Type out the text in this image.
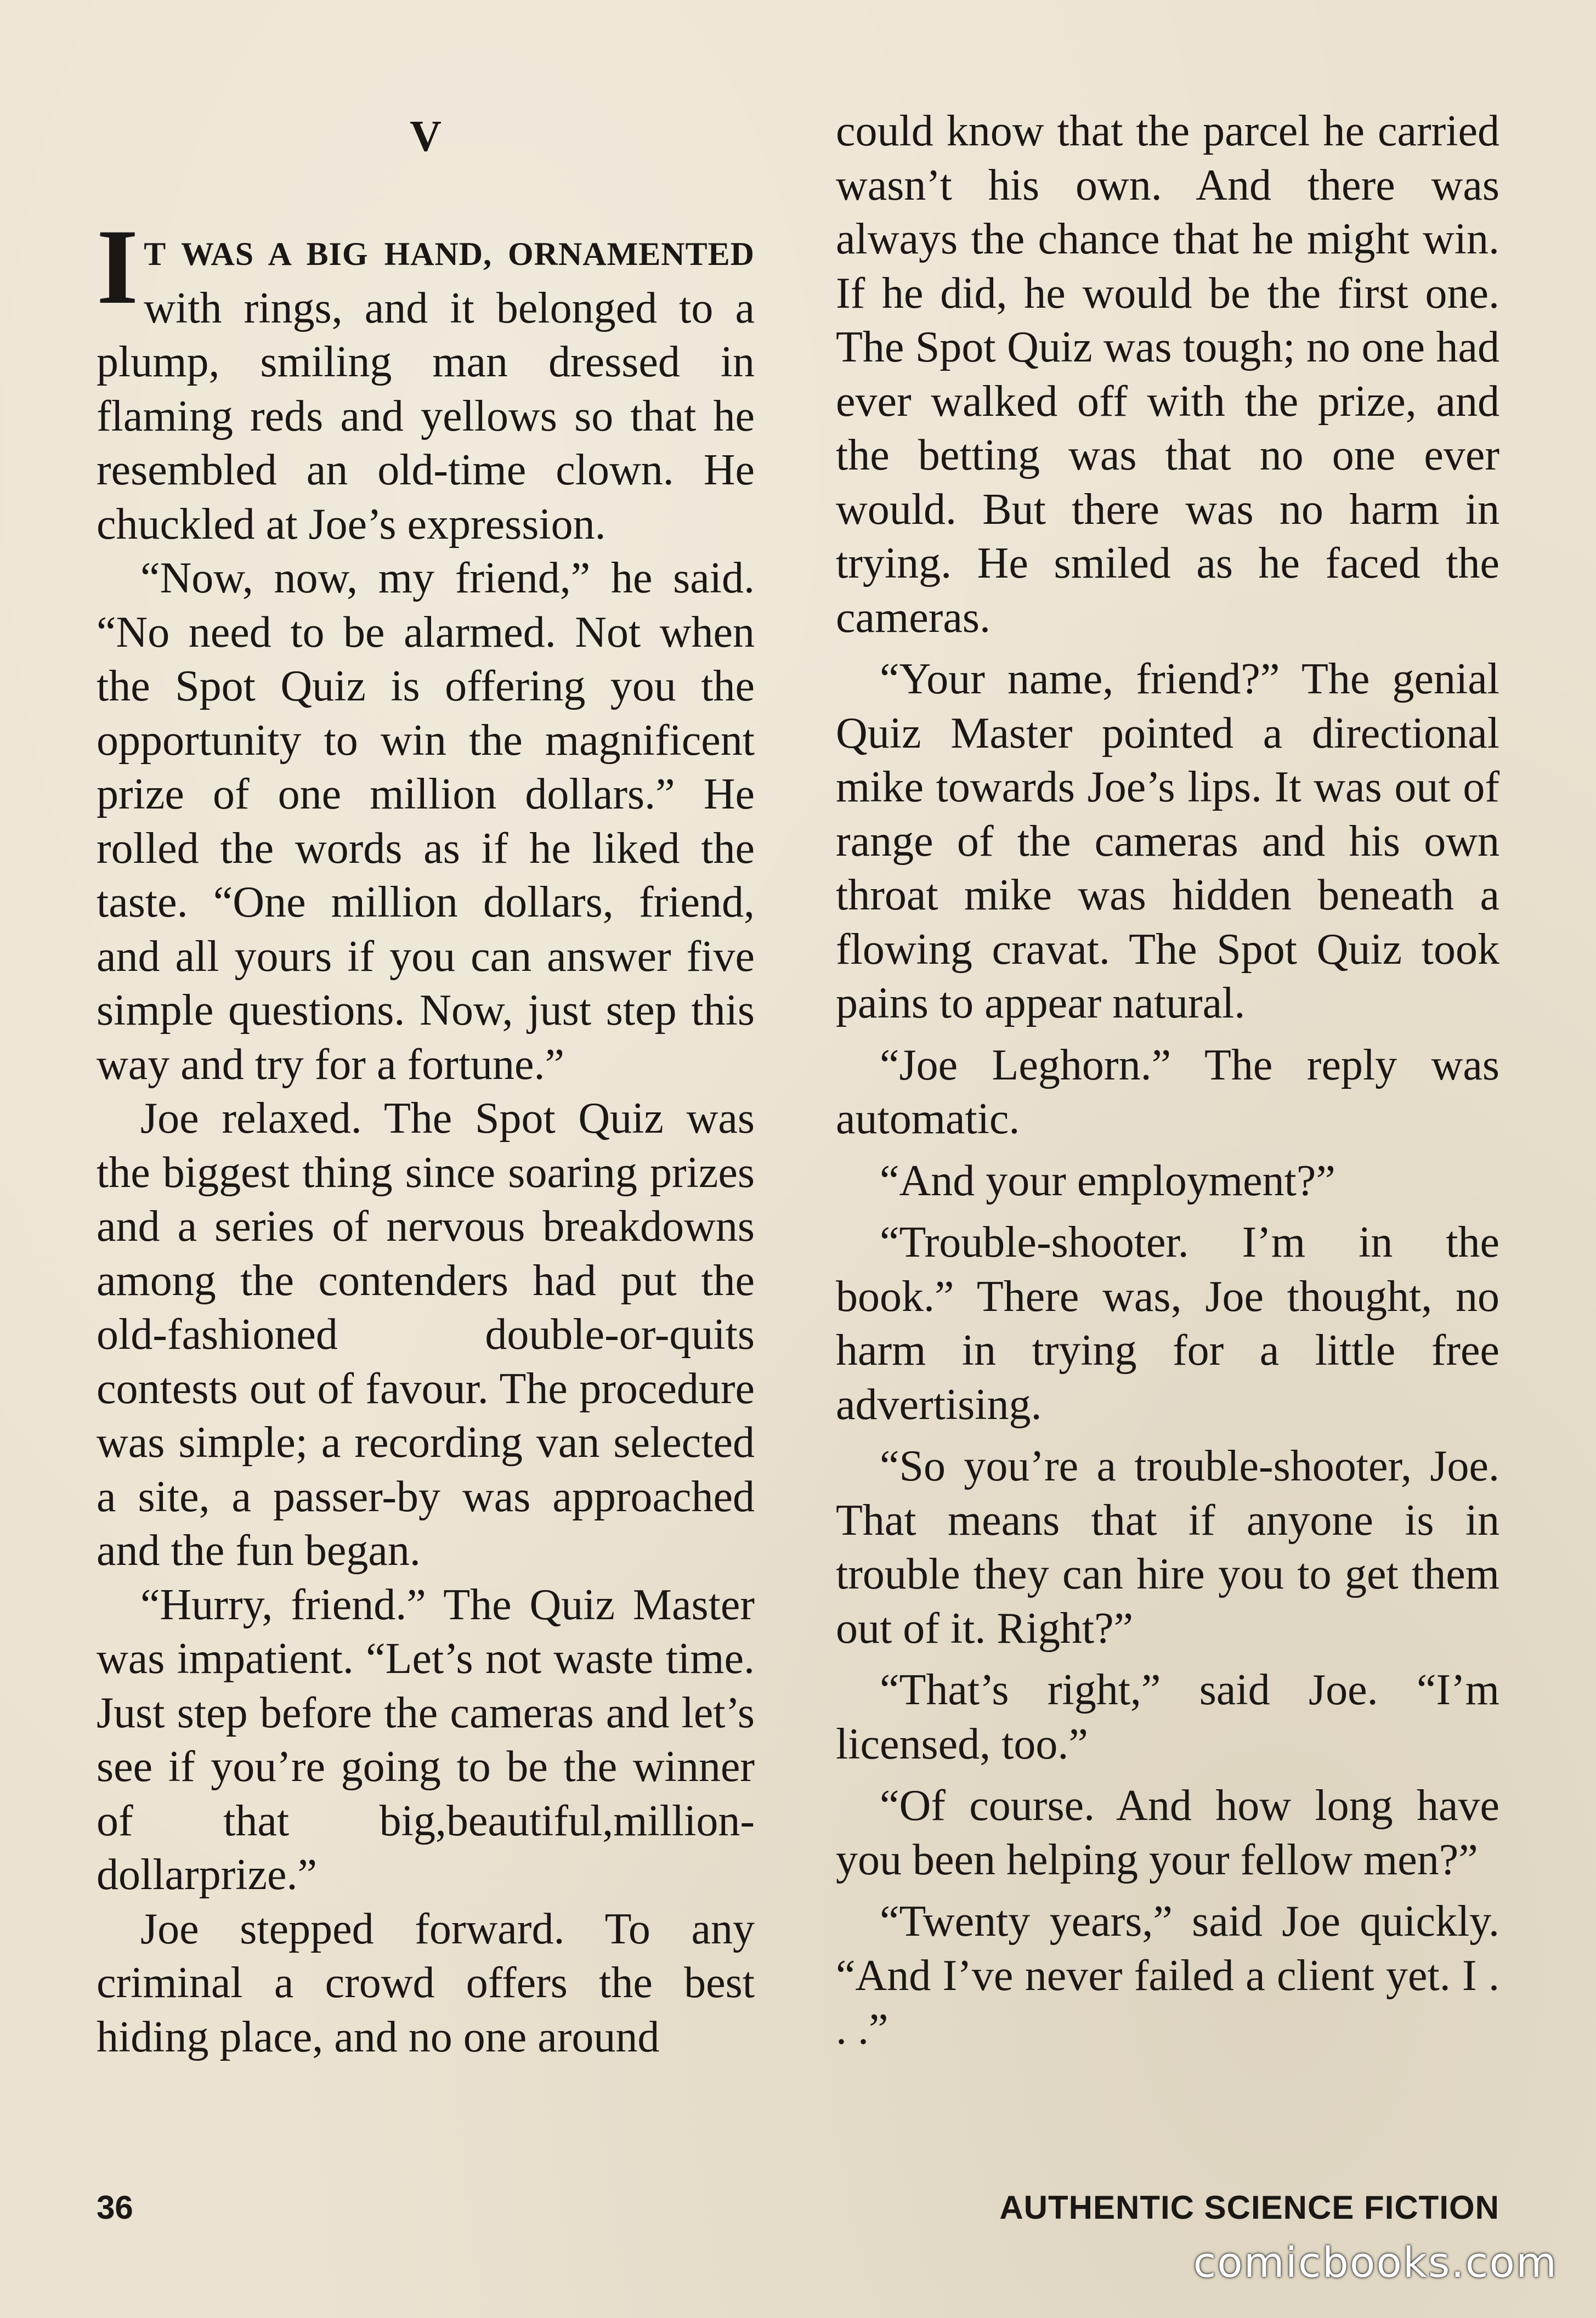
V

I T WAS A BIG HAND, ORNAMENTED with rings, and it belonged to a plump, smiling man dressed in flaming reds and yellows so that he resembled an old-time clown. He chuckled at Joe’s expression.

“Now, now, my friend,” he said. “No need to be alarmed. Not when the Spot Quiz is offering you the opportunity to win the magnificent prize of one million dollars.” He rolled the words as if he liked the taste. “One million dollars, friend, and all yours if you can answer five simple questions. Now, just step this way and try for a fortune.”

Joe relaxed. The Spot Quiz was the biggest thing since soaring prizes and a series of nervous breakdowns among the contenders had put the old-fashioned double-or-quits contests out of favour. The procedure was simple; a recording van selected a site, a passer-by was approached and the fun began.

“Hurry, friend.” The Quiz Master was impatient. “Let’s not waste time. Just step before the cameras and let’s see if you’re going to be the winner of that big,beautiful,million-dollarprize.”

Joe stepped forward. To any criminal a crowd offers the best hiding place, and no one around

could know that the parcel he carried wasn’t his own. And there was always the chance that he might win. If he did, he would be the first one. The Spot Quiz was tough; no one had ever walked off with the prize, and the betting was that no one ever would. But there was no harm in trying. He smiled as he faced the cameras.

“Your name, friend?” The genial Quiz Master pointed a directional mike towards Joe’s lips. It was out of range of the cameras and his own throat mike was hidden beneath a flowing cravat. The Spot Quiz took pains to appear natural.

“Joe Leghorn.” The reply was automatic.

“And your employment?”

“Trouble-shooter. I’m in the book.” There was, Joe thought, no harm in trying for a little free advertising.

“So you’re a trouble-shooter, Joe. That means that if anyone is in trouble they can hire you to get them out of it. Right?”

“That’s right,” said Joe. “I’m licensed, too.”

“Of course. And how long have you been helping your fellow men?”

“Twenty years,” said Joe quickly. “And I’ve never failed a client yet. I . . .”

36	AUTHENTIC SCIENCE FICTION
comicbooks.com
